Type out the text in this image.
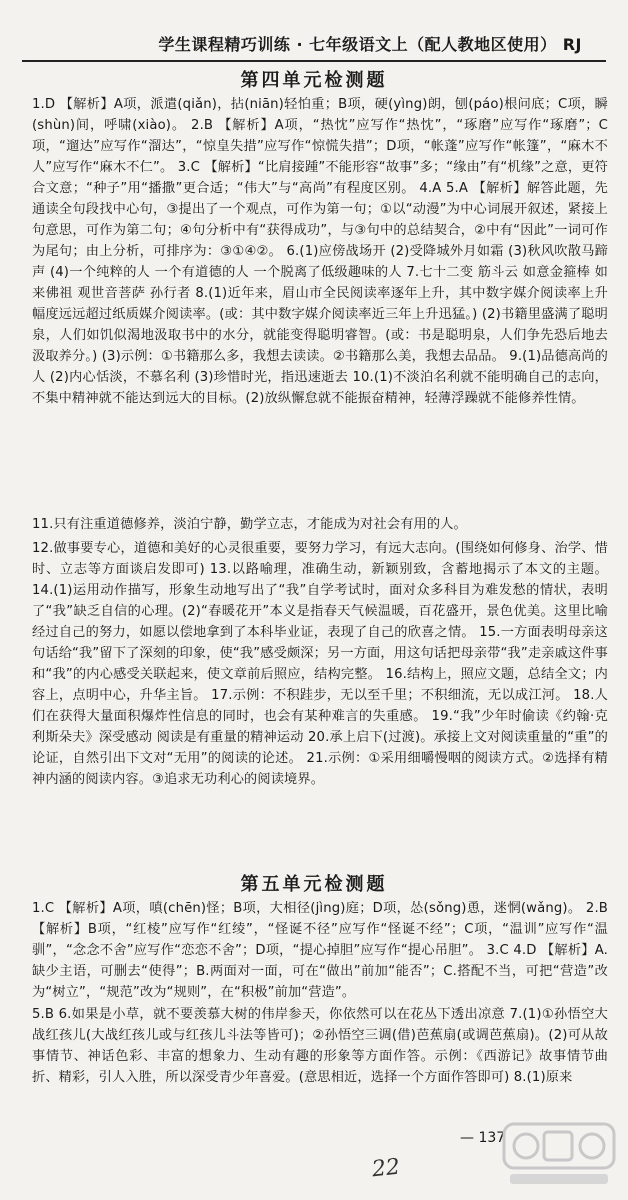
学生课程精巧训练 · 七年级语文上（配人教地区使用） RJ
第四单元检测题
1.D 【解析】A项，派遣(qiǎn)，拈(niān)轻怕重；B项，硬(yìng)朗，刨(páo)根问底；C项，瞬(shùn)间，呼啸(xiào)。 2.B 【解析】A项，“热忱”应写作“热忱”，“琢磨”应写作“琢磨”；C项，“遛达”应写作“溜达”，“惊皇失措”应写作“惊慌失措”；D项，“帐蓬”应写作“帐篷”，“麻木不人”应写作“麻木不仁”。 3.C 【解析】“比肩接踵”不能形容“故事”多；“缘由”有“机缘”之意，更符合文意；“种子”用“播撒”更合适；“伟大”与“高尚”有程度区别。 4.A 5.A 【解析】解答此题，先通读全句段找中心句，③提出了一个观点，可作为第一句；①以“动漫”为中心词展开叙述，紧接上句意思，可作为第二句；④句分析中有“获得成功”，与③句中的总结契合，②中有“因此”一词可作为尾句；由上分析，可排序为：③①④②。 6.(1)应傍战场开 (2)受降城外月如霜 (3)秋风吹散马蹄声 (4)一个纯粹的人 一个有道德的人 一个脱离了低级趣味的人 7.七十二变 筋斗云 如意金箍棒 如来佛祖 观世音菩萨 孙行者 8.(1)近年来，眉山市全民阅读率逐年上升，其中数字媒介阅读率上升幅度远远超过纸质媒介阅读率。(或：其中数字媒介阅读率近三年上升迅猛。) (2)书籍里盛满了聪明泉，人们如饥似渴地汲取书中的水分，就能变得聪明睿智。(或：书是聪明泉，人们争先恐后地去汲取养分。) (3)示例：①书籍那么多，我想去读读。②书籍那么美，我想去品品。 9.(1)品德高尚的人 (2)内心恬淡，不慕名利 (3)珍惜时光，指迅速逝去 10.(1)不淡泊名利就不能明确自己的志向，不集中精神就不能达到远大的目标。(2)放纵懈怠就不能振奋精神，轻薄浮躁就不能修养性情。
11.只有注重道德修养，淡泊宁静，勤学立志，才能成为对社会有用的人。
12.做事要专心，道德和美好的心灵很重要，要努力学习，有远大志向。(围绕如何修身、治学、惜时、立志等方面谈启发即可) 13.以路喻理，准确生动，新颖别致，含蓄地揭示了本文的主题。 14.(1)运用动作描写，形象生动地写出了“我”自学考试时，面对众多科目为难发愁的情状，表明了“我”缺乏自信的心理。(2)“春暖花开”本义是指春天气候温暖，百花盛开，景色优美。这里比喻经过自己的努力，如愿以偿地拿到了本科毕业证，表现了自己的欣喜之情。 15.一方面表明母亲这句话给“我”留下了深刻的印象，使“我”感受颇深；另一方面，用这句话把母亲带“我”走亲戚这件事和“我”的内心感受关联起来，使文章前后照应，结构完整。 16.结构上，照应文题，总结全文；内容上，点明中心，升华主旨。 17.示例：不积跬步，无以至千里；不积细流，无以成江河。 18.人们在获得大量面积爆炸性信息的同时，也会有某种难言的失重感。 19.“我”少年时偷读《约翰·克利斯朵夫》深受感动 阅读是有重量的精神运动 20.承上启下(过渡)。承接上文对阅读重量的“重”的论证，自然引出下文对“无用”的阅读的论述。 21.示例：①采用细嚼慢咽的阅读方式。②选择有精神内涵的阅读内容。③追求无功利心的阅读境界。
第五单元检测题
1.C 【解析】A项，嗔(chēn)怪；B项，大相径(jìng)庭；D项，怂(sǒng)恿，迷惘(wǎng)。 2.B 【解析】B项，“红棱”应写作“红绫”，“怪诞不径”应写作“怪诞不经”；C项，“温训”应写作“温驯”，“念念不舍”应写作“恋恋不舍”；D项，“提心掉胆”应写作“提心吊胆”。 3.C 4.D 【解析】A.缺少主语，可删去“使得”；B.两面对一面，可在“做出”前加“能否”；C.搭配不当，可把“营造”改为“树立”，“规范”改为“规则”，在“积极”前加“营造”。
5.B 6.如果是小草，就不要羡慕大树的伟岸参天，你依然可以在花丛下透出凉意 7.(1)①孙悟空大战红孩儿(大战红孩儿或与红孩儿斗法等皆可)；②孙悟空三调(借)芭蕉扇(或调芭蕉扇)。(2)可从故事情节、神话色彩、丰富的想象力、生动有趣的形象等方面作答。示例：《西游记》故事情节曲折、精彩，引人入胜，所以深受青少年喜爱。(意思相近，选择一个方面作答即可) 8.(1)原来
— 137
22
